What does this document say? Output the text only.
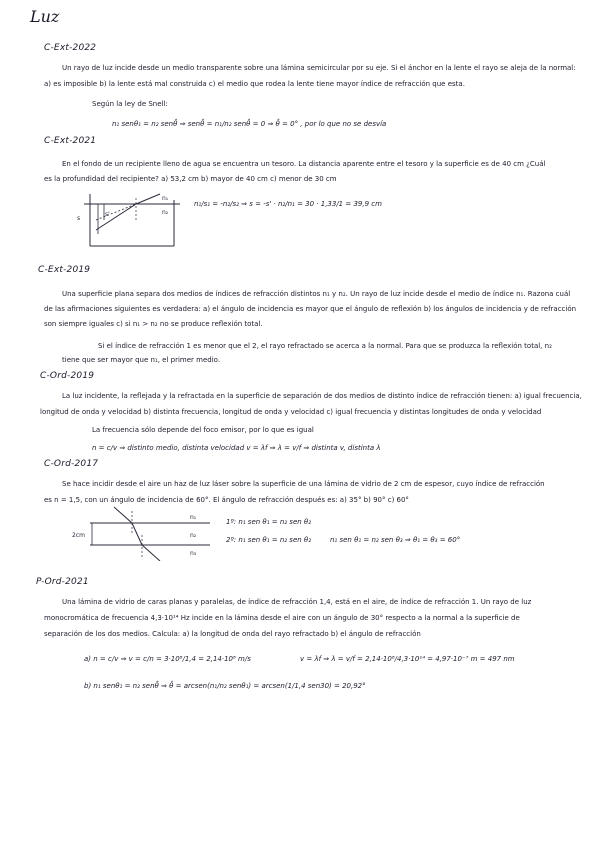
Luz
C-Ext-2022
Un rayo de luz incide desde un medio transparente sobre una lámina semicircular por su eje. Si el ánchor en la lente el rayo se aleja de la normal:
a) es imposible b) la lente está mal construida c) el medio que rodea la lente tiene mayor índice de refracción que esta.
Según la ley de Snell:
n₁ senθ₁ = n₂ senθ̂ ⇒ senθ̂ = n₁/n₂ senθ̂ = 0 ⇒ θ̂ = 0° , por lo que no se desvía
C-Ext-2021
En el fondo de un recipiente lleno de agua se encuentra un tesoro. La distancia aparente entre el tesoro y la superficie es de 40 cm ¿Cuál
es la profundidad del recipiente? a) 53,2 cm b) mayor de 40 cm c) menor de 30 cm
n₁/s₁ = -n₂/s₂ ⇒ s = -s' · n₂/n₁ = 30 · 1,33/1 = 39,9 cm
s
s'
n₁
n₂
C-Ext-2019
Una superficie plana separa dos medios de índices de refracción distintos n₁ y n₂. Un rayo de luz incide desde el medio de índice n₁. Razona cuál
de las afirmaciones siguientes es verdadera: a) el ángulo de incidencia es mayor que el ángulo de reflexión b) los ángulos de incidencia y de refracción
son siempre iguales c) si n₁ > n₂ no se produce reflexión total.
Si el índice de refracción 1 es menor que el 2, el rayo refractado se acerca a la normal. Para que se produzca la reflexión total, n₂
tiene que ser mayor que n₁, el primer medio.
C-Ord-2019
La luz incidente, la reflejada y la refractada en la superficie de separación de dos medios de distinto índice de refracción tienen: a) igual frecuencia,
longitud de onda y velocidad b) distinta frecuencia, longitud de onda y velocidad c) igual frecuencia y distintas longitudes de onda y velocidad
La frecuencia sólo depende del foco emisor, por lo que es igual
n = c/v ⇒ distinto medio, distinta velocidad v = λf ⇒ λ = v/f ⇒ distinta v, distinta λ
C-Ord-2017
Se hace incidir desde el aire un haz de luz láser sobre la superficie de una lámina de vidrio de 2 cm de espesor, cuyo índice de refracción
es n = 1,5, con un ángulo de incidencia de 60°. El ángulo de refracción después es: a) 35° b) 90° c) 60°
1º: n₁ sen θ₁ = n₂ sen θ₂
2º: n₁ sen θ₁ = n₂ sen θ₂	n₁ sen θ₁ = n₂ sen θ₃ ⇒ θ₁ = θ₃ = 60°
2cm
n₁
n₂
n₃
P-Ord-2021
Una lámina de vidrio de caras planas y paralelas, de índice de refracción 1,4, está en el aire, de índice de refracción 1. Un rayo de luz
monocromática de frecuencia 4,3·10¹⁴ Hz incide en la lámina desde el aire con un ángulo de 30° respecto a la normal a la superficie de
separación de los dos medios. Calcula: a) la longitud de onda del rayo refractado b) el ángulo de refracción
a) n = c/v ⇒ v = c/n = 3·10⁸/1,4 = 2,14·10⁸ m/s	v = λf ⇒ λ = v/f = 2,14·10⁸/4,3·10¹⁴ = 4,97·10⁻⁷ m = 497 nm
b) n₁ senθ₁ = n₂ senθ̂ ⇒ θ̂ = arcsen(n₁/n₂ senθ₁) = arcsen(1/1,4 sen30) = 20,92°
